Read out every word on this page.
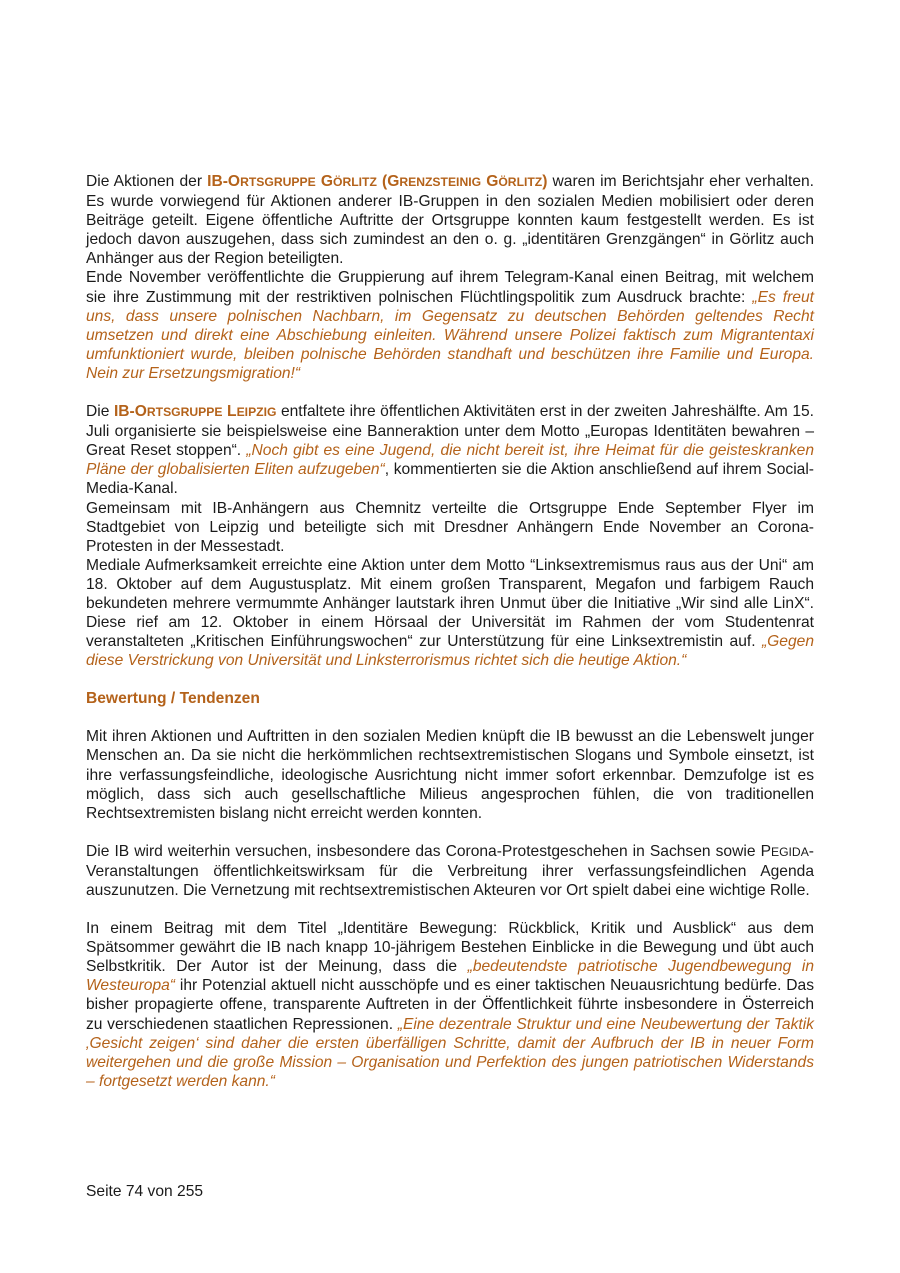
Die Aktionen der IB-ORTSGRUPPE GÖRLITZ (GRENZSTEINIG GÖRLITZ) waren im Berichtsjahr eher verhalten. Es wurde vorwiegend für Aktionen anderer IB-Gruppen in den sozialen Medien mobilisiert oder deren Beiträge geteilt. Eigene öffentliche Auftritte der Ortsgruppe konnten kaum festgestellt werden. Es ist jedoch davon auszugehen, dass sich zumindest an den o. g. „identitären Grenzgängen“ in Görlitz auch Anhänger aus der Region beteiligten.

Ende November veröffentlichte die Gruppierung auf ihrem Telegram-Kanal einen Beitrag, mit welchem sie ihre Zustimmung mit der restriktiven polnischen Flüchtlingspolitik zum Ausdruck brachte: „Es freut uns, dass unsere polnischen Nachbarn, im Gegensatz zu deutschen Behörden geltendes Recht umsetzen und direkt eine Abschiebung einleiten. Während unsere Polizei faktisch zum Migrantentaxi umfunktioniert wurde, bleiben polnische Behörden standhaft und beschützen ihre Familie und Europa. Nein zur Ersetzungsmigration!“

Die IB-ORTSGRUPPE LEIPZIG entfaltete ihre öffentlichen Aktivitäten erst in der zweiten Jahreshälfte. Am 15. Juli organisierte sie beispielsweise eine Banneraktion unter dem Motto „Europas Identitäten bewahren – Great Reset stoppen“. „Noch gibt es eine Jugend, die nicht bereit ist, ihre Heimat für die geisteskranken Pläne der globalisierten Eliten aufzugeben“, kommentierten sie die Aktion anschließend auf ihrem Social-Media-Kanal.

Gemeinsam mit IB-Anhängern aus Chemnitz verteilte die Ortsgruppe Ende September Flyer im Stadtgebiet von Leipzig und beteiligte sich mit Dresdner Anhängern Ende November an Corona-Protesten in der Messestadt.

Mediale Aufmerksamkeit erreichte eine Aktion unter dem Motto “Linksextremismus raus aus der Uni“ am 18. Oktober auf dem Augustusplatz. Mit einem großen Transparent, Megafon und farbigem Rauch bekundeten mehrere vermummte Anhänger lautstark ihren Unmut über die Initiative „Wir sind alle LinX“. Diese rief am 12. Oktober in einem Hörsaal der Universität im Rahmen der vom Studentenrat veranstalteten „Kritischen Einführungswochen“ zur Unterstützung für eine Linksextremistin auf. „Gegen diese Verstrickung von Universität und Linksterrorismus richtet sich die heutige Aktion.“

Bewertung / Tendenzen

Mit ihren Aktionen und Auftritten in den sozialen Medien knüpft die IB bewusst an die Lebenswelt junger Menschen an. Da sie nicht die herkömmlichen rechtsextremistischen Slogans und Symbole einsetzt, ist ihre verfassungsfeindliche, ideologische Ausrichtung nicht immer sofort erkennbar. Demzufolge ist es möglich, dass sich auch gesellschaftliche Milieus angesprochen fühlen, die von traditionellen Rechtsextremisten bislang nicht erreicht werden konnten.

Die IB wird weiterhin versuchen, insbesondere das Corona-Protestgeschehen in Sachsen sowie PEGIDA-Veranstaltungen öffentlichkeitswirksam für die Verbreitung ihrer verfassungsfeindlichen Agenda auszunutzen. Die Vernetzung mit rechtsextremistischen Akteuren vor Ort spielt dabei eine wichtige Rolle.

In einem Beitrag mit dem Titel „Identitäre Bewegung: Rückblick, Kritik und Ausblick“ aus dem Spätsommer gewährt die IB nach knapp 10-jährigem Bestehen Einblicke in die Bewegung und übt auch Selbstkritik. Der Autor ist der Meinung, dass die „bedeutendste patriotische Jugendbewegung in Westeuropa“ ihr Potenzial aktuell nicht ausschöpfe und es einer taktischen Neuausrichtung bedürfe. Das bisher propagierte offene, transparente Auftreten in der Öffentlichkeit führte insbesondere in Österreich zu verschiedenen staatlichen Repressionen. „Eine dezentrale Struktur und eine Neubewertung der Taktik ‚Gesicht zeigen‘ sind daher die ersten überfälligen Schritte, damit der Aufbruch der IB in neuer Form weitergehen und die große Mission – Organisation und Perfektion des jungen patriotischen Widerstands – fortgesetzt werden kann.“

Seite 74 von 255
